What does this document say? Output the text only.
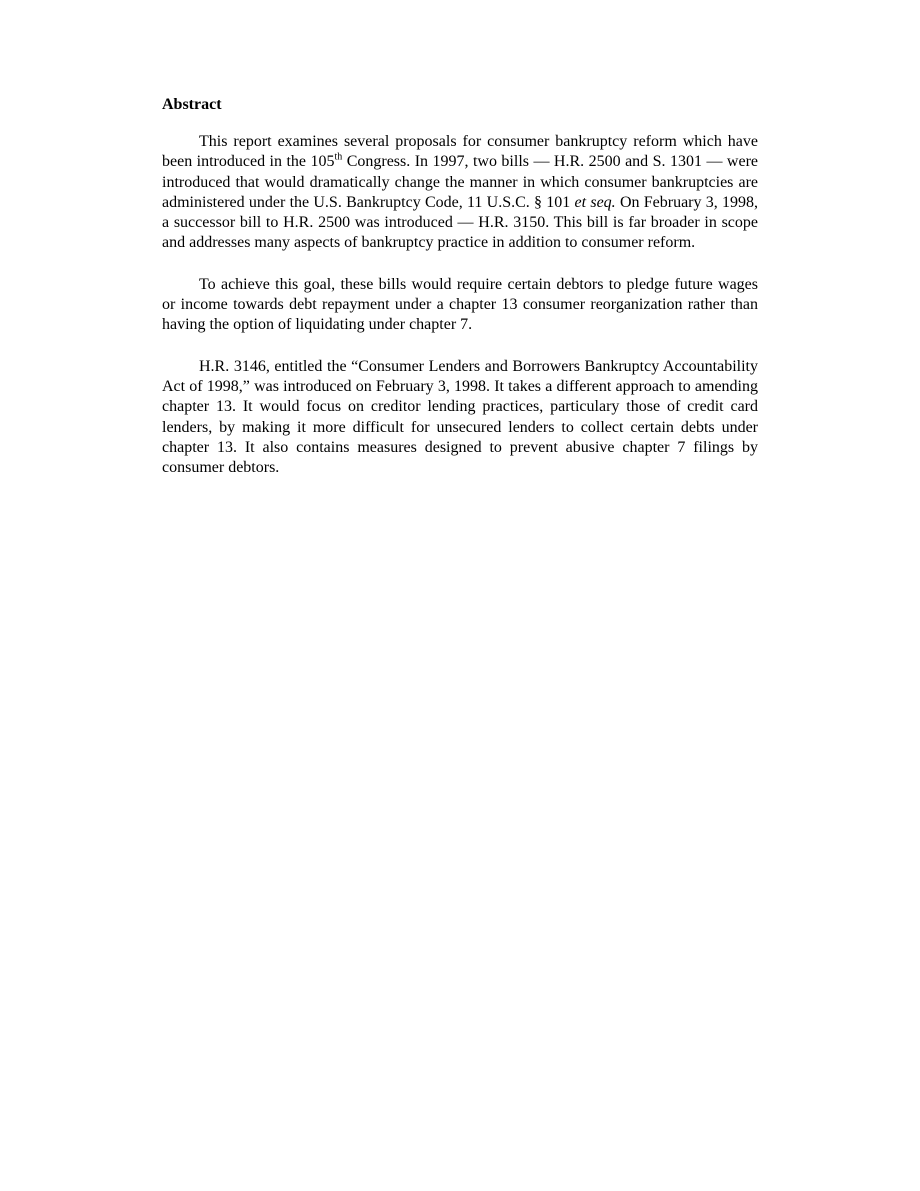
Abstract

This report examines several proposals for consumer bankruptcy reform which have been introduced in the 105th Congress. In 1997, two bills — H.R. 2500 and S. 1301 — were introduced that would dramatically change the manner in which consumer bankruptcies are administered under the U.S. Bankruptcy Code, 11 U.S.C. § 101 et seq. On February 3, 1998, a successor bill to H.R. 2500 was introduced — H.R. 3150. This bill is far broader in scope and addresses many aspects of bankruptcy practice in addition to consumer reform.

To achieve this goal, these bills would require certain debtors to pledge future wages or income towards debt repayment under a chapter 13 consumer reorganization rather than having the option of liquidating under chapter 7.

H.R. 3146, entitled the “Consumer Lenders and Borrowers Bankruptcy Accountability Act of 1998,” was introduced on February 3, 1998. It takes a different approach to amending chapter 13. It would focus on creditor lending practices, particulary those of credit card lenders, by making it more difficult for unsecured lenders to collect certain debts under chapter 13. It also contains measures designed to prevent abusive chapter 7 filings by consumer debtors.
